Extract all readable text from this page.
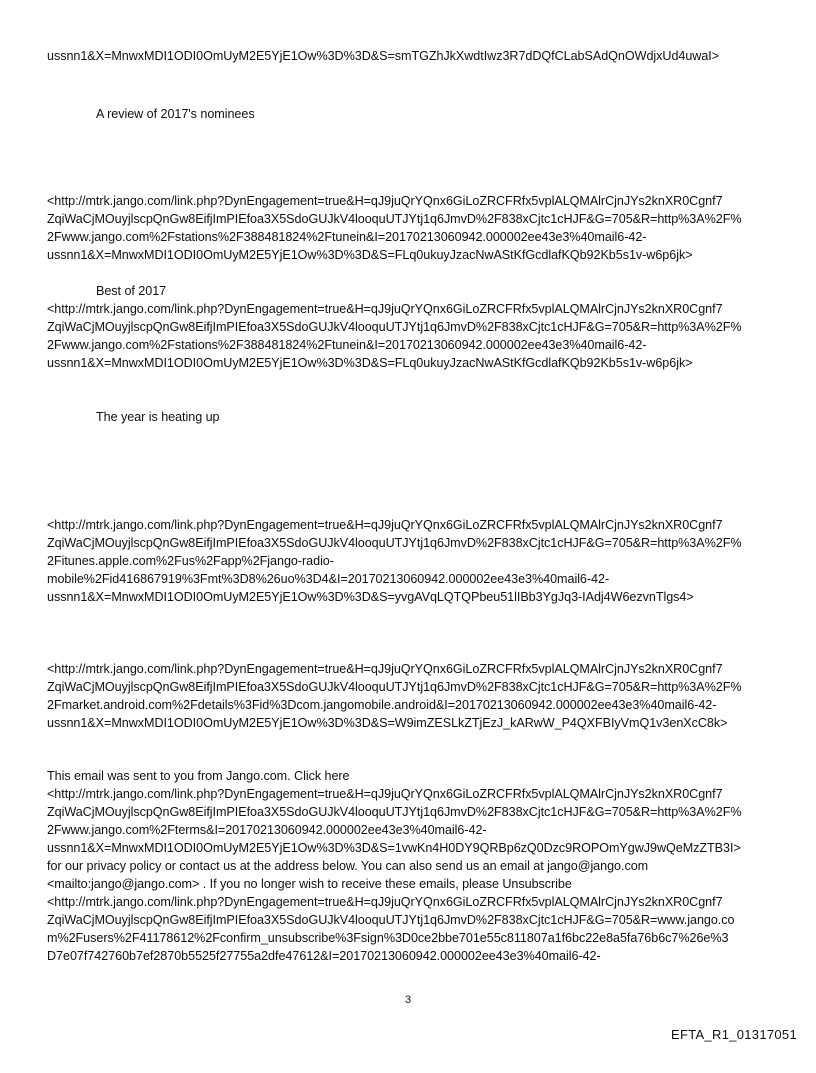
ussnn1&X=MnwxMDI1ODI0OmUyM2E5YjE1Ow%3D%3D&S=smTGZhJkXwdtIwz3R7dDQfCLabSAdQnOWdjxUd4uwaI>
A review of 2017's nominees
<http://mtrk.jango.com/link.php?DynEngagement=true&H=qJ9juQrYQnx6GiLoZRCFRfx5vplALQMAlrCjnJYs2knXR0Cgnf7
ZqiWaCjMOuyjlscpQnGw8EifjImPIEfoa3X5SdoGUJkV4looquUTJYtj1q6JmvD%2F838xCjtc1cHJF&G=705&R=http%3A%2F%
2Fwww.jango.com%2Fstations%2F388481824%2Ftunein&I=20170213060942.000002ee43e3%40mail6-42-
ussnn1&X=MnwxMDI1ODI0OmUyM2E5YjE1Ow%3D%3D&S=FLq0ukuyJzacNwAStKfGcdlafKQb92Kb5s1v-w6p6jk>
Best of 2017
<http://mtrk.jango.com/link.php?DynEngagement=true&H=qJ9juQrYQnx6GiLoZRCFRfx5vplALQMAlrCjnJYs2knXR0Cgnf7
ZqiWaCjMOuyjlscpQnGw8EifjImPIEfoa3X5SdoGUJkV4looquUTJYtj1q6JmvD%2F838xCjtc1cHJF&G=705&R=http%3A%2F%
2Fwww.jango.com%2Fstations%2F388481824%2Ftunein&I=20170213060942.000002ee43e3%40mail6-42-
ussnn1&X=MnwxMDI1ODI0OmUyM2E5YjE1Ow%3D%3D&S=FLq0ukuyJzacNwAStKfGcdlafKQb92Kb5s1v-w6p6jk>
The year is heating up
<http://mtrk.jango.com/link.php?DynEngagement=true&H=qJ9juQrYQnx6GiLoZRCFRfx5vplALQMAlrCjnJYs2knXR0Cgnf7
ZqiWaCjMOuyjlscpQnGw8EifjImPIEfoa3X5SdoGUJkV4looquUTJYtj1q6JmvD%2F838xCjtc1cHJF&G=705&R=http%3A%2F%
2Fitunes.apple.com%2Fus%2Fapp%2Fjango-radio-
mobile%2Fid416867919%3Fmt%3D8%26uo%3D4&I=20170213060942.000002ee43e3%40mail6-42-
ussnn1&X=MnwxMDI1ODI0OmUyM2E5YjE1Ow%3D%3D&S=yvgAVqLQTQPbeu51lIBb3YgJq3-IAdj4W6ezvnTlgs4>
<http://mtrk.jango.com/link.php?DynEngagement=true&H=qJ9juQrYQnx6GiLoZRCFRfx5vplALQMAlrCjnJYs2knXR0Cgnf7
ZqiWaCjMOuyjlscpQnGw8EifjImPIEfoa3X5SdoGUJkV4looquUTJYtj1q6JmvD%2F838xCjtc1cHJF&G=705&R=http%3A%2F%
2Fmarket.android.com%2Fdetails%3Fid%3Dcom.jangomobile.android&I=20170213060942.000002ee43e3%40mail6-42-
ussnn1&X=MnwxMDI1ODI0OmUyM2E5YjE1Ow%3D%3D&S=W9imZESLkZTjEzJ_kARwW_P4QXFBIyVmQ1v3enXcC8k>
This email was sent to you from Jango.com. Click here
<http://mtrk.jango.com/link.php?DynEngagement=true&H=qJ9juQrYQnx6GiLoZRCFRfx5vplALQMAlrCjnJYs2knXR0Cgnf7
ZqiWaCjMOuyjlscpQnGw8EifjImPIEfoa3X5SdoGUJkV4looquUTJYtj1q6JmvD%2F838xCjtc1cHJF&G=705&R=http%3A%2F%
2Fwww.jango.com%2Fterms&I=20170213060942.000002ee43e3%40mail6-42-
ussnn1&X=MnwxMDI1ODI0OmUyM2E5YjE1Ow%3D%3D&S=1vwKn4H0DY9QRBp6zQ0Dzc9ROPOmYgwJ9wQeMzZTB3I>
for our privacy policy or contact us at the address below. You can also send us an email at jango@jango.com
<mailto:jango@jango.com> . If you no longer wish to receive these emails, please Unsubscribe
<http://mtrk.jango.com/link.php?DynEngagement=true&H=qJ9juQrYQnx6GiLoZRCFRfx5vplALQMAlrCjnJYs2knXR0Cgnf7
ZqiWaCjMOuyjlscpQnGw8EifjImPIEfoa3X5SdoGUJkV4looquUTJYtj1q6JmvD%2F838xCjtc1cHJF&G=705&R=www.jango.co
m%2Fusers%2F41178612%2Fconfirm_unsubscribe%3Fsign%3D0ce2bbe701e55c811807a1f6bc22e8a5fa76b6c7%26e%3
D7e07f742760b7ef2870b5525f27755a2dfe47612&I=20170213060942.000002ee43e3%40mail6-42-
3
EFTA_R1_01317051
